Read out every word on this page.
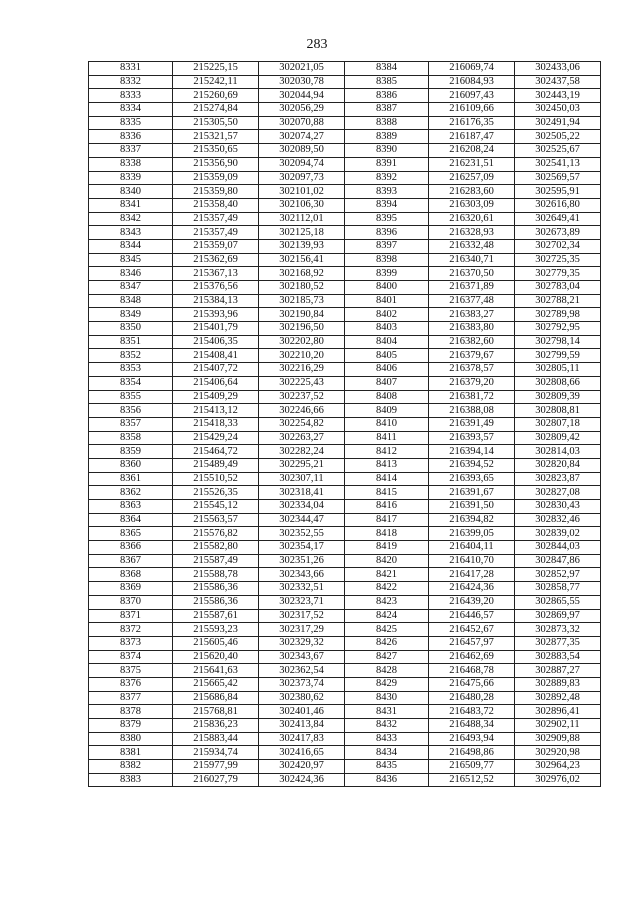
283
8331	215225,15	302021,05	8384	216069,74	302433,06
8332	215242,11	302030,78	8385	216084,93	302437,58
8333	215260,69	302044,94	8386	216097,43	302443,19
8334	215274,84	302056,29	8387	216109,66	302450,03
8335	215305,50	302070,88	8388	216176,35	302491,94
8336	215321,57	302074,27	8389	216187,47	302505,22
8337	215350,65	302089,50	8390	216208,24	302525,67
8338	215356,90	302094,74	8391	216231,51	302541,13
8339	215359,09	302097,73	8392	216257,09	302569,57
8340	215359,80	302101,02	8393	216283,60	302595,91
8341	215358,40	302106,30	8394	216303,09	302616,80
8342	215357,49	302112,01	8395	216320,61	302649,41
8343	215357,49	302125,18	8396	216328,93	302673,89
8344	215359,07	302139,93	8397	216332,48	302702,34
8345	215362,69	302156,41	8398	216340,71	302725,35
8346	215367,13	302168,92	8399	216370,50	302779,35
8347	215376,56	302180,52	8400	216371,89	302783,04
8348	215384,13	302185,73	8401	216377,48	302788,21
8349	215393,96	302190,84	8402	216383,27	302789,98
8350	215401,79	302196,50	8403	216383,80	302792,95
8351	215406,35	302202,80	8404	216382,60	302798,14
8352	215408,41	302210,20	8405	216379,67	302799,59
8353	215407,72	302216,29	8406	216378,57	302805,11
8354	215406,64	302225,43	8407	216379,20	302808,66
8355	215409,29	302237,52	8408	216381,72	302809,39
8356	215413,12	302246,66	8409	216388,08	302808,81
8357	215418,33	302254,82	8410	216391,49	302807,18
8358	215429,24	302263,27	8411	216393,57	302809,42
8359	215464,72	302282,24	8412	216394,14	302814,03
8360	215489,49	302295,21	8413	216394,52	302820,84
8361	215510,52	302307,11	8414	216393,65	302823,87
8362	215526,35	302318,41	8415	216391,67	302827,08
8363	215545,12	302334,04	8416	216391,50	302830,43
8364	215563,57	302344,47	8417	216394,82	302832,46
8365	215576,82	302352,55	8418	216399,05	302839,02
8366	215582,80	302354,17	8419	216404,11	302844,03
8367	215587,49	302351,26	8420	216410,70	302847,86
8368	215588,78	302343,66	8421	216417,28	302852,97
8369	215586,36	302332,51	8422	216424,36	302858,77
8370	215586,36	302323,71	8423	216439,20	302865,55
8371	215587,61	302317,52	8424	216446,57	302869,97
8372	215593,23	302317,29	8425	216452,67	302873,32
8373	215605,46	302329,32	8426	216457,97	302877,35
8374	215620,40	302343,67	8427	216462,69	302883,54
8375	215641,63	302362,54	8428	216468,78	302887,27
8376	215665,42	302373,74	8429	216475,66	302889,83
8377	215686,84	302380,62	8430	216480,28	302892,48
8378	215768,81	302401,46	8431	216483,72	302896,41
8379	215836,23	302413,84	8432	216488,34	302902,11
8380	215883,44	302417,83	8433	216493,94	302909,88
8381	215934,74	302416,65	8434	216498,86	302920,98
8382	215977,99	302420,97	8435	216509,77	302964,23
8383	216027,79	302424,36	8436	216512,52	302976,02
